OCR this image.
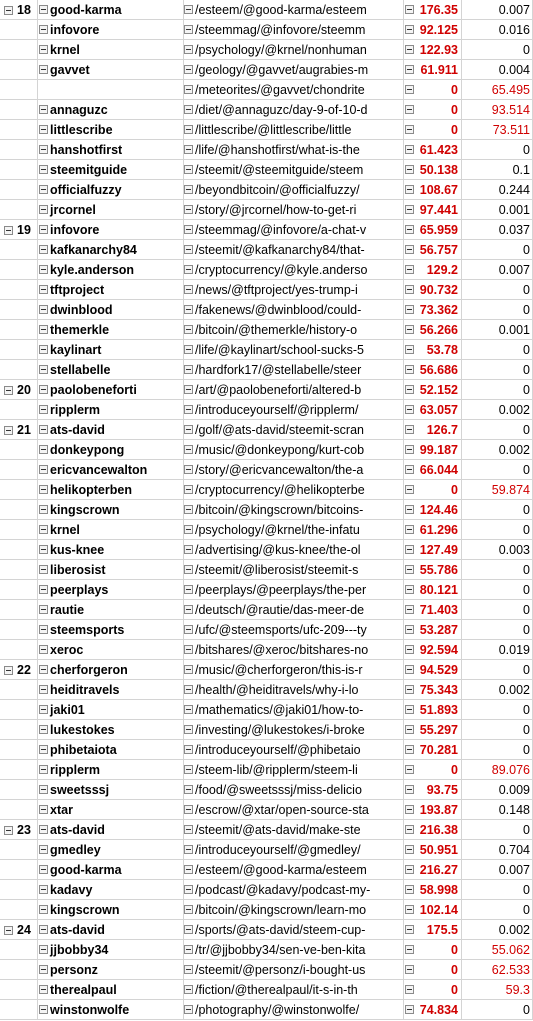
18	good-karma	/esteem/@good-karma/esteem	176.35	0.007
infovore	/steemmag/@infovore/steemm	92.125	0.016
krnel	/psychology/@krnel/nonhuman	122.93	0
gavvet	/geology/@gavvet/augrabies-m	61.911	0.004
/meteorites/@gavvet/chondrite	0	65.495
annaguzc	/diet/@annaguzc/day-9-of-10-d	0	93.514
littlescribe	/littlescribe/@littlescribe/little	0	73.511
hanshotfirst	/life/@hanshotfirst/what-is-the	61.423	0
steemitguide	/steemit/@steemitguide/steem	50.138	0.1
officialfuzzy	/beyondbitcoin/@officialfuzzy/	108.67	0.244
jrcornel	/story/@jrcornel/how-to-get-ri	97.441	0.001
19	infovore	/steemmag/@infovore/a-chat-v	65.959	0.037
kafkanarchy84	/steemit/@kafkanarchy84/that-	56.757	0
kyle.anderson	/cryptocurrency/@kyle.anderso	129.2	0.007
tftproject	/news/@tftproject/yes-trump-i	90.732	0
dwinblood	/fakenews/@dwinblood/could-	73.362	0
themerkle	/bitcoin/@themerkle/history-o	56.266	0.001
kaylinart	/life/@kaylinart/school-sucks-5	53.78	0
stellabelle	/hardfork17/@stellabelle/steer	56.686	0
20	paolobeneforti	/art/@paolobeneforti/altered-b	52.152	0
ripplerm	/introduceyourself/@ripplerm/	63.057	0.002
21	ats-david	/golf/@ats-david/steemit-scran	126.7	0
donkeypong	/music/@donkeypong/kurt-cob	99.187	0.002
ericvancewalton	/story/@ericvancewalton/the-a	66.044	0
helikopterben	/cryptocurrency/@helikopterbe	0	59.874
kingscrown	/bitcoin/@kingscrown/bitcoins-	124.46	0
krnel	/psychology/@krnel/the-infatu	61.296	0
kus-knee	/advertising/@kus-knee/the-ol	127.49	0.003
liberosist	/steemit/@liberosist/steemit-s	55.786	0
peerplays	/peerplays/@peerplays/the-per	80.121	0
rautie	/deutsch/@rautie/das-meer-de	71.403	0
steemsports	/ufc/@steemsports/ufc-209---ty	53.287	0
xeroc	/bitshares/@xeroc/bitshares-no	92.594	0.019
22	cherforgeron	/music/@cherforgeron/this-is-r	94.529	0
heiditravels	/health/@heiditravels/why-i-lo	75.343	0.002
jaki01	/mathematics/@jaki01/how-to-	51.893	0
lukestokes	/investing/@lukestokes/i-broke	55.297	0
phibetaiota	/introduceyourself/@phibetaio	70.281	0
ripplerm	/steem-lib/@ripplerm/steem-li	0	89.076
sweetsssj	/food/@sweetsssj/miss-delicio	93.75	0.009
xtar	/escrow/@xtar/open-source-sta	193.87	0.148
23	ats-david	/steemit/@ats-david/make-ste	216.38	0
gmedley	/introduceyourself/@gmedley/	50.951	0.704
good-karma	/esteem/@good-karma/esteem	216.27	0.007
kadavy	/podcast/@kadavy/podcast-my-	58.998	0
kingscrown	/bitcoin/@kingscrown/learn-mo	102.14	0
24	ats-david	/sports/@ats-david/steem-cup-	175.5	0.002
jjbobby34	/tr/@jjbobby34/sen-ve-ben-kita	0	55.062
personz	/steemit/@personz/i-bought-us	0	62.533
therealpaul	/fiction/@therealpaul/it-s-in-th	0	59.3
winstonwolfe	/photography/@winstonwolfe/	74.834	0
